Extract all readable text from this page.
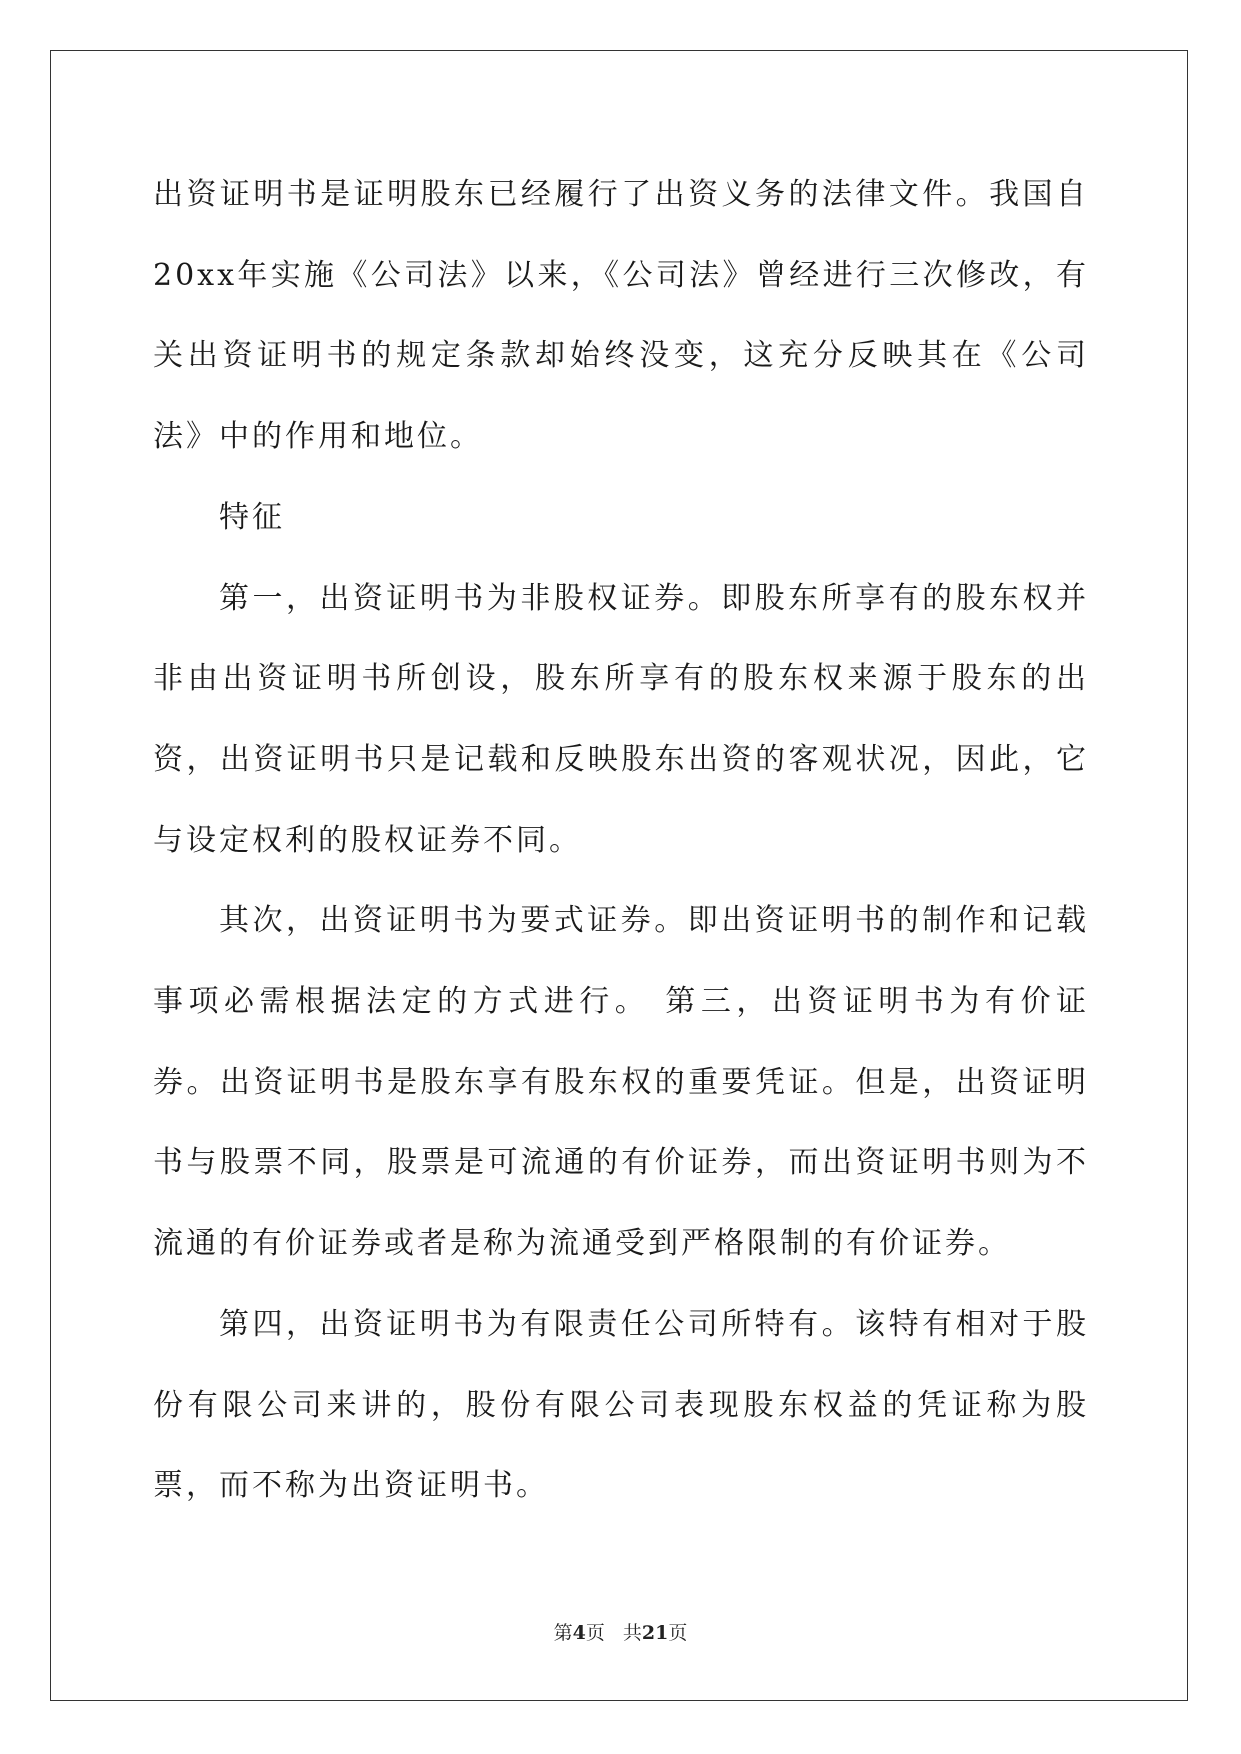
出资证明书是证明股东已经履行了出资义务的法律文件。我国自20xx年实施《公司法》以来，《公司法》曾经进行三次修改，有关出资证明书的规定条款却始终没变，这充分反映其在《公司法》中的作用和地位。

特征

第一，出资证明书为非股权证券。即股东所享有的股东权并非由出资证明书所创设，股东所享有的股东权来源于股东的出资，出资证明书只是记载和反映股东出资的客观状况，因此，它与设定权利的股权证券不同。

其次，出资证明书为要式证券。即出资证明书的制作和记载事项必需根据法定的方式进行。 第三，出资证明书为有价证券。出资证明书是股东享有股东权的重要凭证。但是，出资证明书与股票不同，股票是可流通的有价证券，而出资证明书则为不流通的有价证券或者是称为流通受到严格限制的有价证券。

第四，出资证明书为有限责任公司所特有。该特有相对于股份有限公司来讲的，股份有限公司表现股东权益的凭证称为股票，而不称为出资证明书。

第4页 共21页
